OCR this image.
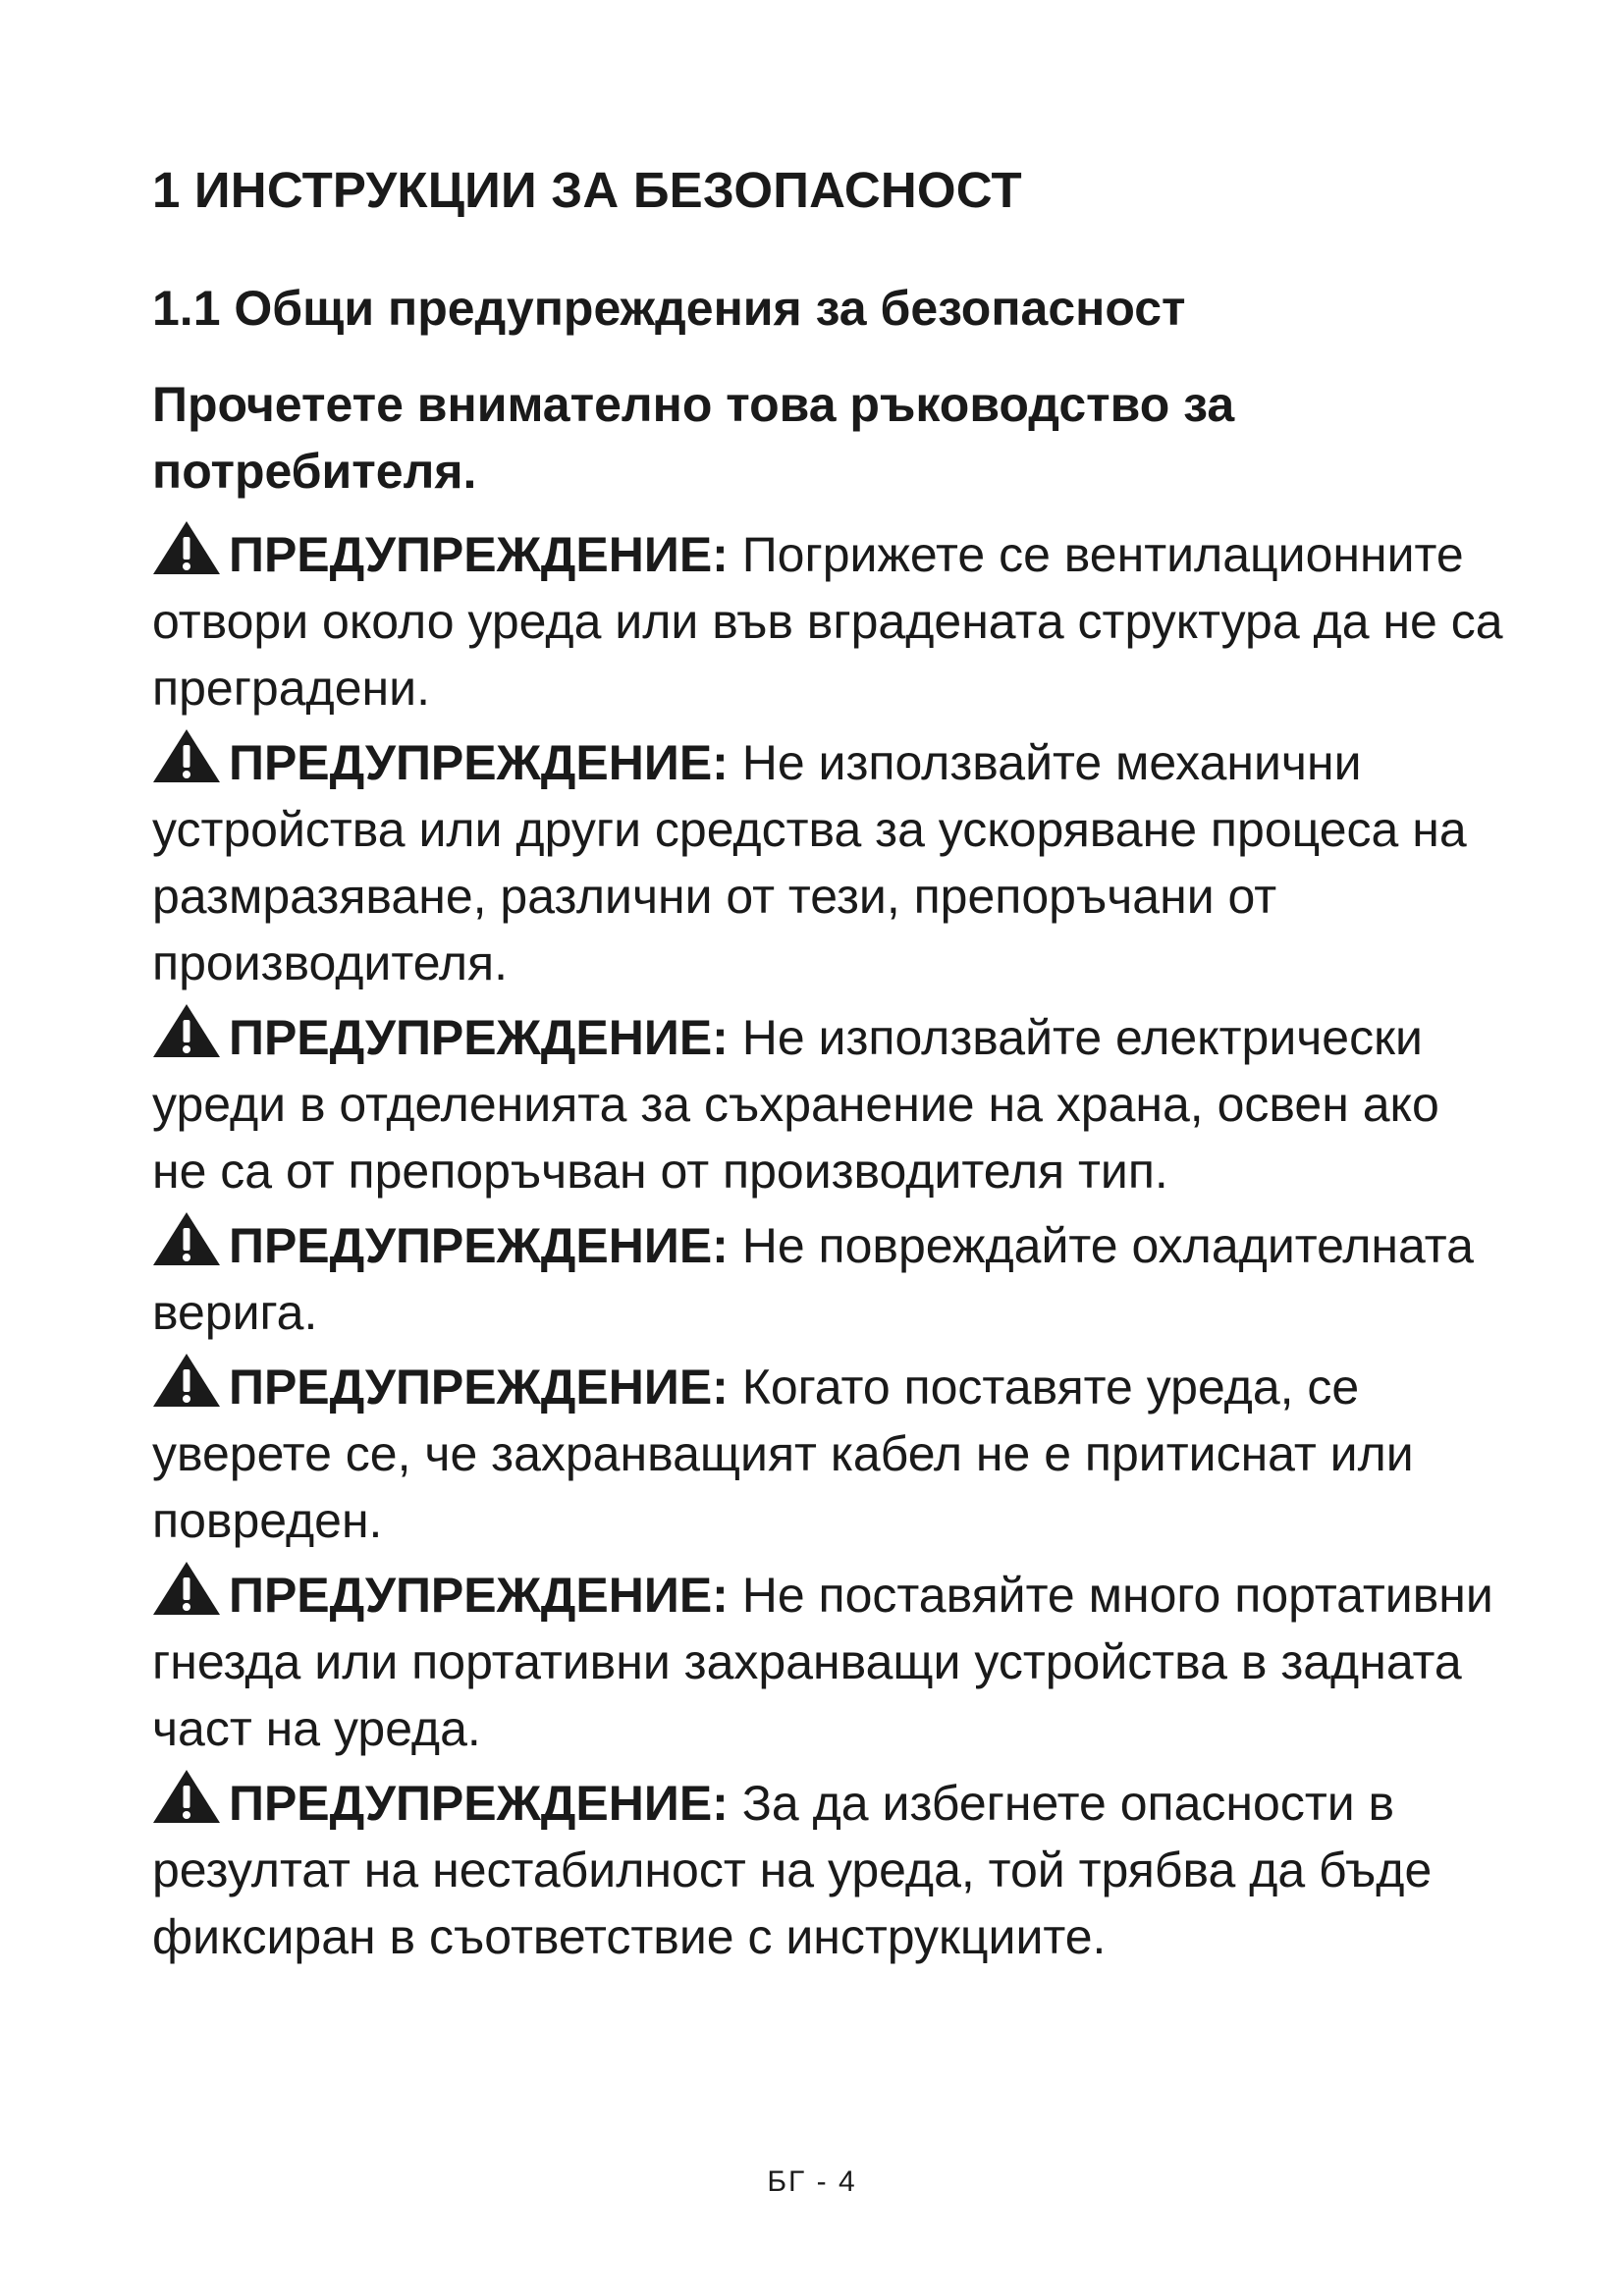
1 ИНСТРУКЦИИ ЗА БЕЗОПАСНОСТ
1.1 Общи предупреждения за безопасност
Прочетете внимателно това ръководство за потребителя.

ПРЕДУПРЕЖДЕНИЕ: Погрижете се вентилационните отвори около уреда или във вградената структура да не са преградени.

ПРЕДУПРЕЖДЕНИЕ: Не използвайте механични устройства или други средства за ускоряване процеса на размразяване, различни от тези, препоръчани от производителя.

ПРЕДУПРЕЖДЕНИЕ: Не използвайте електрически уреди в отделенията за съхранение на храна, освен ако не са от препоръчван от производителя тип.

ПРЕДУПРЕЖДЕНИЕ: Не повреждайте охладителната верига.

ПРЕДУПРЕЖДЕНИЕ: Когато поставяте уреда, се уверете се, че захранващият кабел не е притиснат или повреден.

ПРЕДУПРЕЖДЕНИЕ: Не поставяйте много портативни гнезда или портативни захранващи устройства в задната част на уреда.

ПРЕДУПРЕЖДЕНИЕ: За да избегнете опасности в резултат на нестабилност на уреда, той трябва да бъде фиксиран в съответствие с инструкциите.

БГ - 4
